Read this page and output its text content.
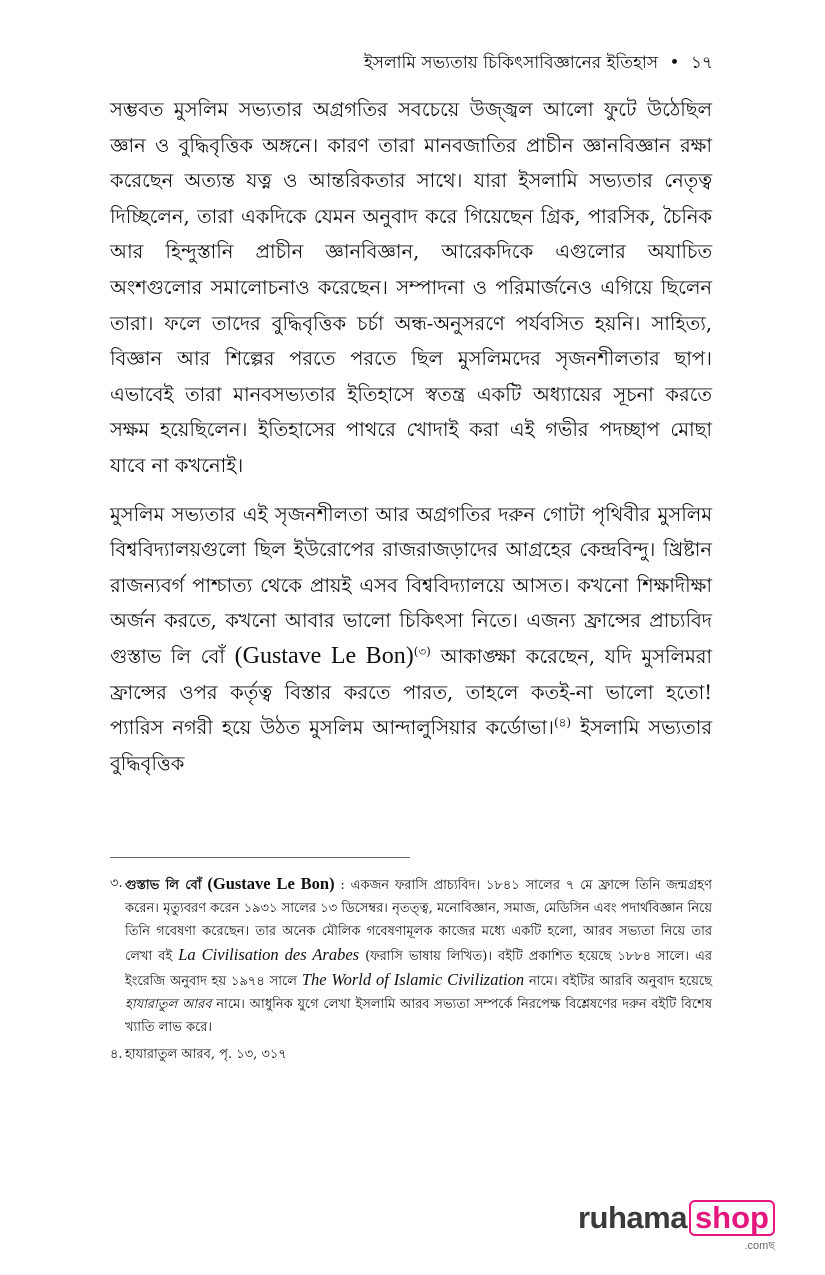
ইসলামি সভ্যতায় চিকিৎসাবিজ্ঞানের ইতিহাস • ১৭

সম্ভবত মুসলিম সভ্যতার অগ্রগতির সবচেয়ে উজ্জ্বল আলো ফুটে উঠেছিল জ্ঞান ও বুদ্ধিবৃত্তিক অঙ্গনে। কারণ তারা মানবজাতির প্রাচীন জ্ঞানবিজ্ঞান রক্ষা করেছেন অত্যন্ত যত্ন ও আন্তরিকতার সাথে। যারা ইসলামি সভ্যতার নেতৃত্ব দিচ্ছিলেন, তারা একদিকে যেমন অনুবাদ করে গিয়েছেন গ্রিক, পারসিক, চৈনিক আর হিন্দুস্তানি প্রাচীন জ্ঞানবিজ্ঞান, আরেকদিকে এগুলোর অযাচিত অংশগুলোর সমালোচনাও করেছেন। সম্পাদনা ও পরিমার্জনেও এগিয়ে ছিলেন তারা। ফলে তাদের বুদ্ধিবৃত্তিক চর্চা অন্ধ-অনুসরণে পর্যবসিত হয়নি। সাহিত্য, বিজ্ঞান আর শিল্পের পরতে পরতে ছিল মুসলিমদের সৃজনশীলতার ছাপ। এভাবেই তারা মানবসভ্যতার ইতিহাসে স্বতন্ত্র একটি অধ্যায়ের সূচনা করতে সক্ষম হয়েছিলেন। ইতিহাসের পাথরে খোদাই করা এই গভীর পদচ্ছাপ মোছা যাবে না কখনোই।

মুসলিম সভ্যতার এই সৃজনশীলতা আর অগ্রগতির দরুন গোটা পৃথিবীর মুসলিম বিশ্ববিদ্যালয়গুলো ছিল ইউরোপের রাজরাজড়াদের আগ্রহের কেন্দ্রবিন্দু। খ্রিষ্টান রাজন্যবর্গ পাশ্চাত্য থেকে প্রায়ই এসব বিশ্ববিদ্যালয়ে আসত। কখনো শিক্ষাদীক্ষা অর্জন করতে, কখনো আবার ভালো চিকিৎসা নিতে। এজন্য ফ্রান্সের প্রাচ্যবিদ গুস্তাভ লি বোঁ (Gustave Le Bon)$^{(৩)}$ আকাঙ্ক্ষা করেছেন, যদি মুসলিমরা ফ্রান্সের ওপর কর্তৃত্ব বিস্তার করতে পারত, তাহলে কতই-না ভালো হতো! প্যারিস নগরী হয়ে উঠত মুসলিম আন্দালুসিয়ার কর্ডোভা।$^{(৪)}$ ইসলামি সভ্যতার বুদ্ধিবৃত্তিক

৩. গুস্তাভ লি বোঁ (Gustave Le Bon) : একজন ফরাসি প্রাচ্যবিদ। ১৮৪১ সালের ৭ মে ফ্রান্সে তিনি জন্মগ্রহণ করেন। মৃত্যুবরণ করেন ১৯৩১ সালের ১৩ ডিসেম্বর। নৃতত্ত্ব, মনোবিজ্ঞান, সমাজ, মেডিসিন এবং পদার্থবিজ্ঞান নিয়ে তিনি গবেষণা করেছেন। তার অনেক মৌলিক গবেষণামূলক কাজের মধ্যে একটি হলো, আরব সভ্যতা নিয়ে তার লেখা বই La Civilisation des Arabes (ফরাসি ভাষায় লিখিত)। বইটি প্রকাশিত হয়েছে ১৮৮৪ সালে। এর ইংরেজি অনুবাদ হয় ১৯৭৪ সালে The World of Islamic Civilization নামে। বইটির আরবি অনুবাদ হয়েছে হাযারাতুল আরব নামে। আধুনিক যুগে লেখা ইসলামি আরব সভ্যতা সম্পর্কে নিরপেক্ষ বিশ্লেষণের দরুন বইটি বিশেষ খ্যাতি লাভ করে।
৪. হাযারাতুল আরব, পৃ. ১৩, ৩১৭
ruhama shop
.comছ
